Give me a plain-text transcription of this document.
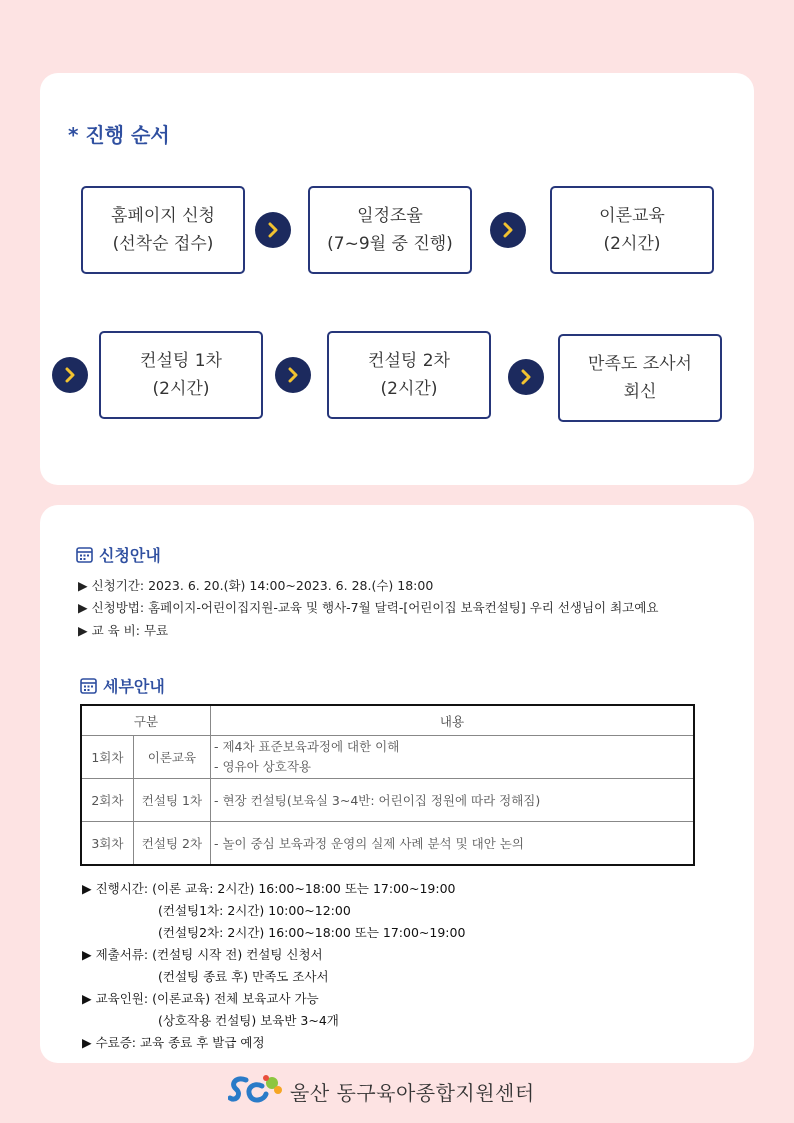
* 진행 순서
홈페이지 신청
(선착순 접수)
일정조율
(7~9월 중 진행)
이론교육
(2시간)
컨설팅 1차
(2시간)
컨설팅 2차
(2시간)
만족도 조사서
회신
신청안내
▶ 신청기간: 2023. 6. 20.(화) 14:00~2023. 6. 28.(수) 18:00
▶ 신청방법: 홈페이지-어린이집지원-교육 및 행사-7월 달력-[어린이집 보육컨설팅] 우리 선생님이 최고예요
▶ 교 육 비: 무료
세부안내
구분		내용
1회차	이론교육	- 제4차 표준보육과정에 대한 이해
- 영유아 상호작용

2회차	컨설팅 1차	- 현장 컨설팅(보육실 3~4반: 어린이집 정원에 따라 정해짐)

3회차	컨설팅 2차	- 놀이 중심 보육과정 운영의 실제 사례 분석 및 대안 논의
▶ 진행시간: (이론 교육: 2시간) 16:00~18:00 또는 17:00~19:00
(컨설팅1차: 2시간) 10:00~12:00
(컨설팅2차: 2시간) 16:00~18:00 또는 17:00~19:00
▶ 제출서류: (컨설팅 시작 전) 컨설팅 신청서
(컨설팅 종료 후) 만족도 조사서
▶ 교육인원: (이론교육) 전체 보육교사 가능
(상호작용 컨설팅) 보육반 3~4개
▶ 수료증: 교육 종료 후 발급 예정
울산 동구육아종합지원센터
